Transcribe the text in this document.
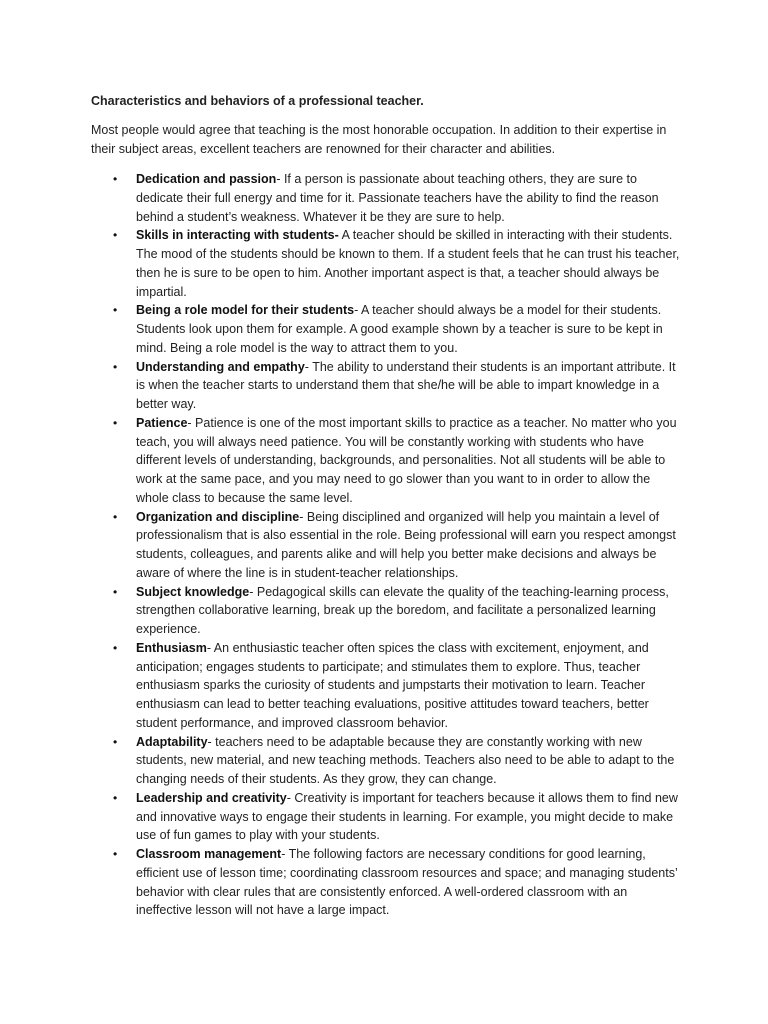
Characteristics and behaviors of a professional teacher.

Most people would agree that teaching is the most honorable occupation. In addition to their expertise in their subject areas, excellent teachers are renowned for their character and abilities.

• Dedication and passion- If a person is passionate about teaching others, they are sure to dedicate their full energy and time for it. Passionate teachers have the ability to find the reason behind a student’s weakness. Whatever it be they are sure to help.
• Skills in interacting with students- A teacher should be skilled in interacting with their students. The mood of the students should be known to them. If a student feels that he can trust his teacher, then he is sure to be open to him. Another important aspect is that, a teacher should always be impartial.
• Being a role model for their students- A teacher should always be a model for their students. Students look upon them for example. A good example shown by a teacher is sure to be kept in mind. Being a role model is the way to attract them to you.
• Understanding and empathy- The ability to understand their students is an important attribute. It is when the teacher starts to understand them that she/he will be able to impart knowledge in a better way.
• Patience- Patience is one of the most important skills to practice as a teacher. No matter who you teach, you will always need patience. You will be constantly working with students who have different levels of understanding, backgrounds, and personalities. Not all students will be able to work at the same pace, and you may need to go slower than you want to in order to allow the whole class to because the same level.
• Organization and discipline- Being disciplined and organized will help you maintain a level of professionalism that is also essential in the role. Being professional will earn you respect amongst students, colleagues, and parents alike and will help you better make decisions and always be aware of where the line is in student-teacher relationships.
• Subject knowledge- Pedagogical skills can elevate the quality of the teaching-learning process, strengthen collaborative learning, break up the boredom, and facilitate a personalized learning experience.
• Enthusiasm- An enthusiastic teacher often spices the class with excitement, enjoyment, and anticipation; engages students to participate; and stimulates them to explore. Thus, teacher enthusiasm sparks the curiosity of students and jumpstarts their motivation to learn. Teacher enthusiasm can lead to better teaching evaluations, positive attitudes toward teachers, better student performance, and improved classroom behavior.
• Adaptability- teachers need to be adaptable because they are constantly working with new students, new material, and new teaching methods. Teachers also need to be able to adapt to the changing needs of their students. As they grow, they can change.
• Leadership and creativity- Creativity is important for teachers because it allows them to find new and innovative ways to engage their students in learning. For example, you might decide to make use of fun games to play with your students.
• Classroom management- The following factors are necessary conditions for good learning, efficient use of lesson time; coordinating classroom resources and space; and managing students’ behavior with clear rules that are consistently enforced. A well-ordered classroom with an ineffective lesson will not have a large impact.
